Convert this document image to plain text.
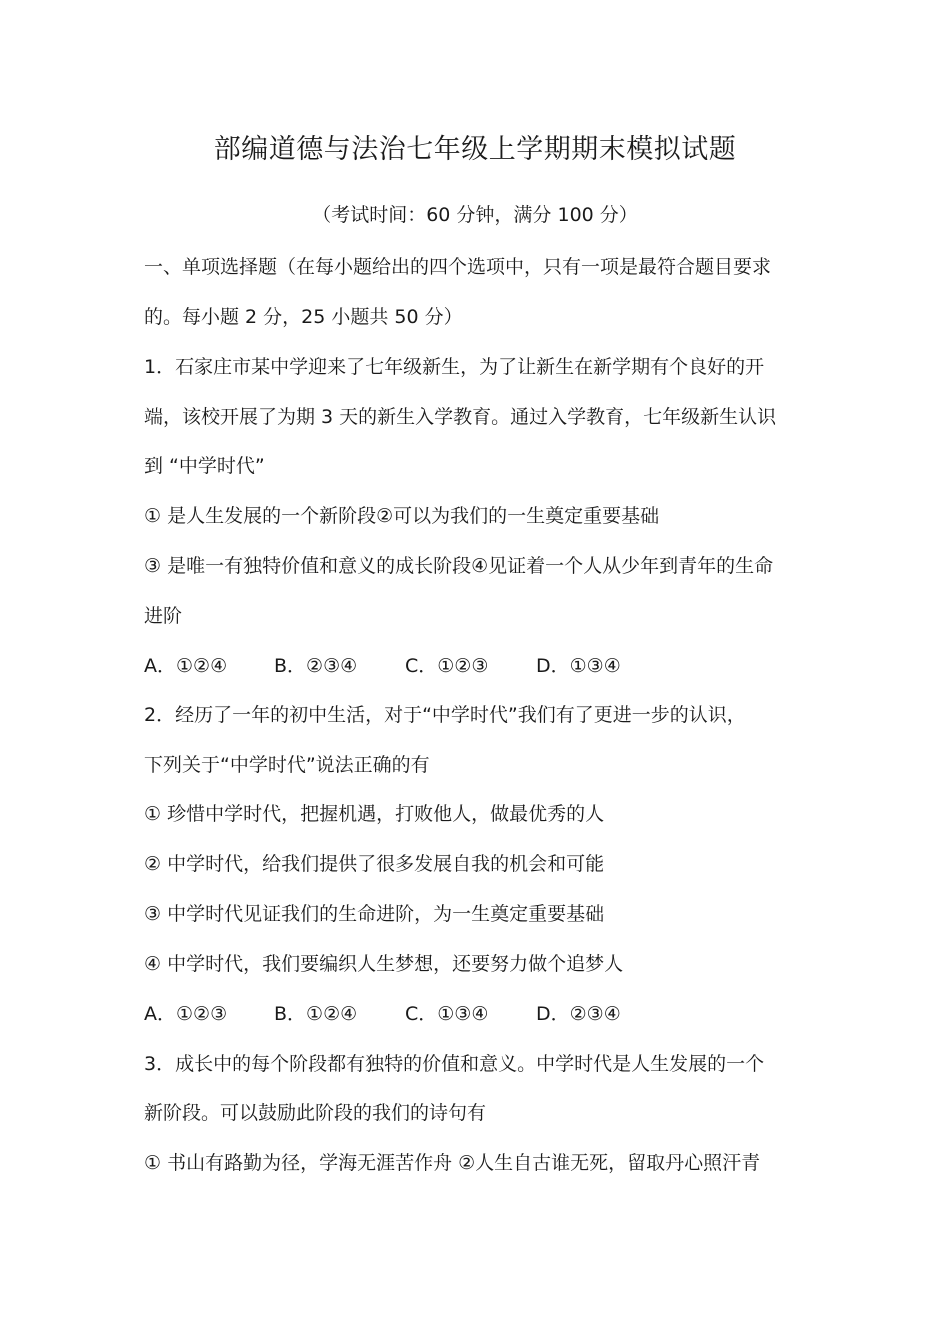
部编道德与法治七年级上学期期末模拟试题
（考试时间：60 分钟，满分 100 分）
一、单项选择题（在每小题给出的四个选项中，只有一项是最符合题目要求
的。每小题 2 分，25 小题共 50 分）
1．石家庄市某中学迎来了七年级新生，为了让新生在新学期有个良好的开
端，该校开展了为期 3 天的新生入学教育。通过入学教育，七年级新生认识
到 “中学时代”
① 是人生发展的一个新阶段②可以为我们的一生奠定重要基础
③ 是唯一有独特价值和意义的成长阶段④见证着一个人从少年到青年的生命
进阶
A．①②④	B．②③④	C．①②③	D．①③④
2．经历了一年的初中生活，对于“中学时代”我们有了更进一步的认识，
下列关于“中学时代”说法正确的有
① 珍惜中学时代，把握机遇，打败他人，做最优秀的人
② 中学时代，给我们提供了很多发展自我的机会和可能
③ 中学时代见证我们的生命进阶，为一生奠定重要基础
④ 中学时代，我们要编织人生梦想，还要努力做个追梦人
A．①②③	B．①②④	C．①③④	D．②③④
3．成长中的每个阶段都有独特的价值和意义。中学时代是人生发展的一个
新阶段。可以鼓励此阶段的我们的诗句有
① 书山有路勤为径，学海无涯苦作舟 ②人生自古谁无死，留取丹心照汗青
